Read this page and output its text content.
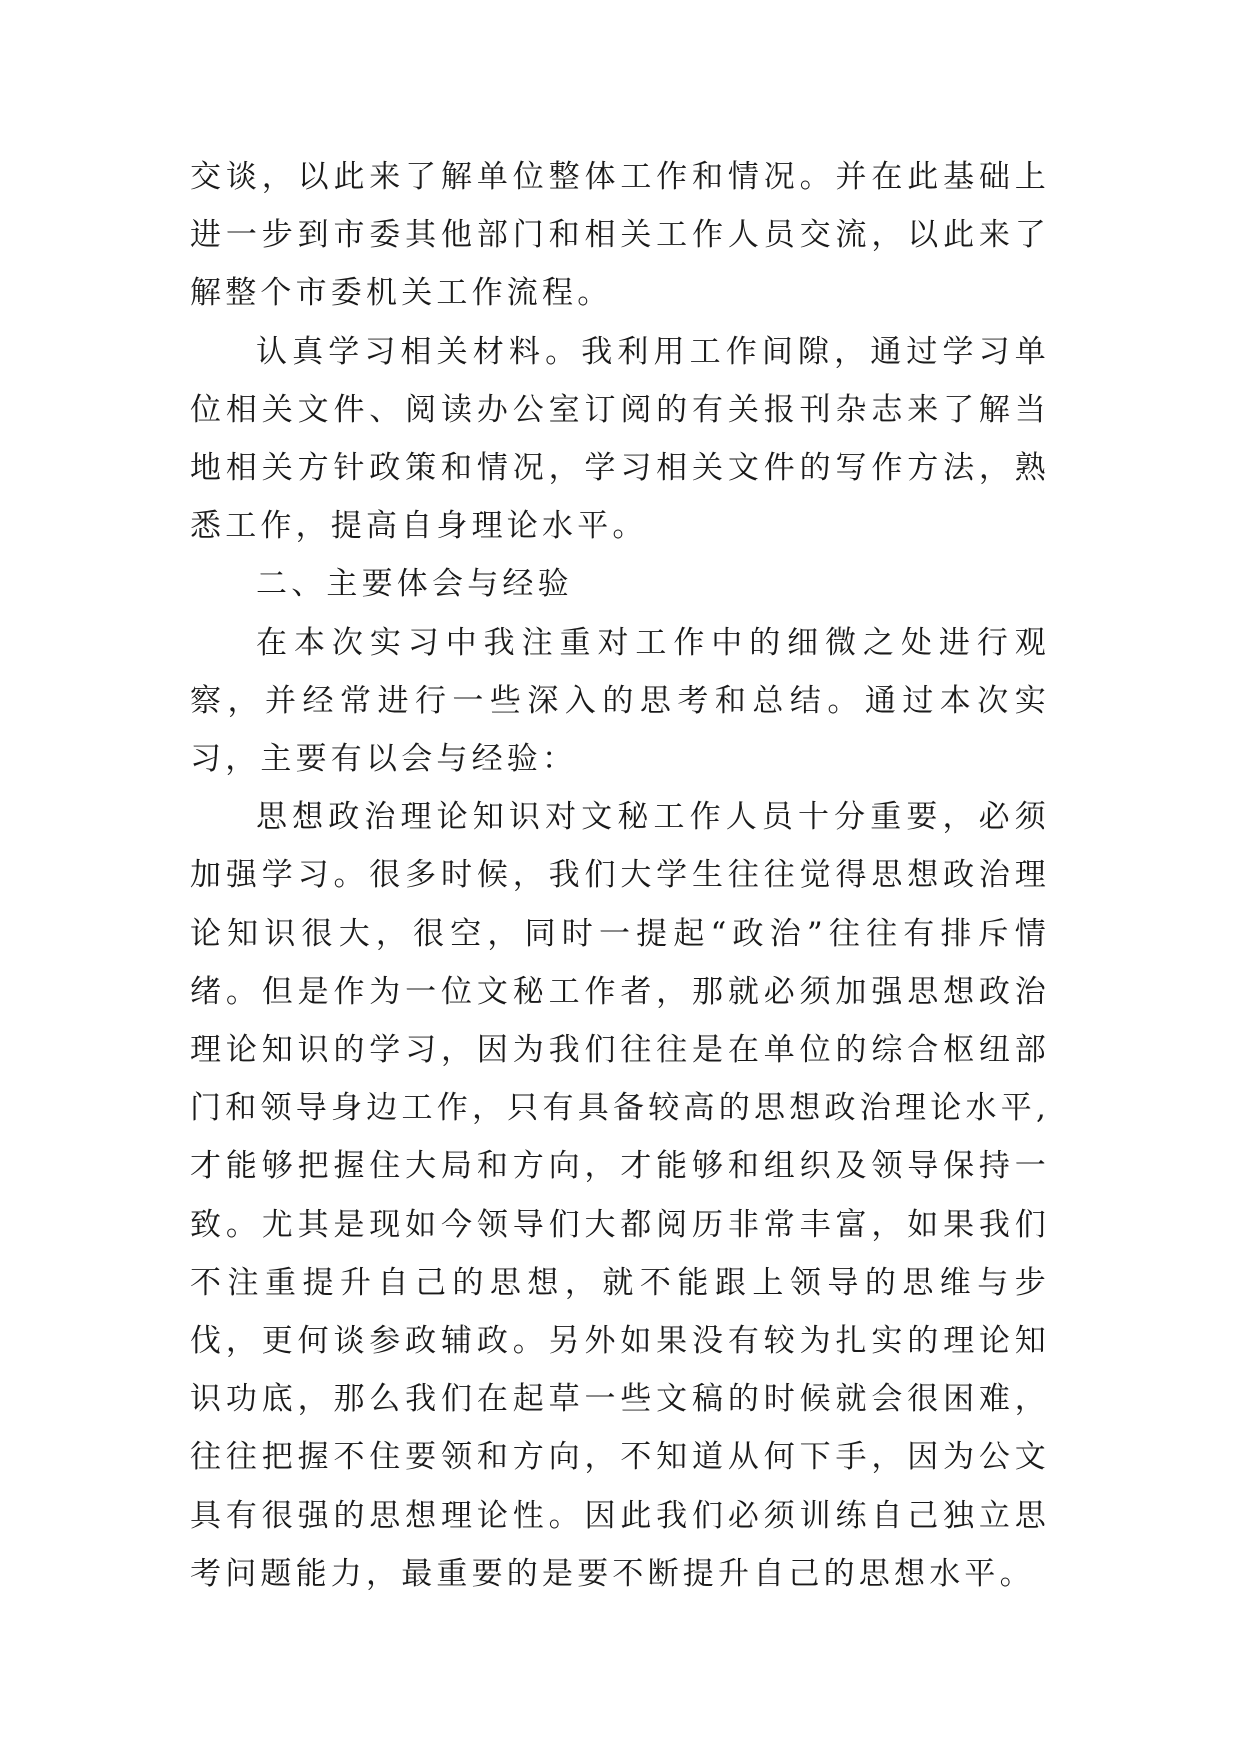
交谈，以此来了解单位整体工作和情况。并在此基础上进一步到市委其他部门和相关工作人员交流，以此来了解整个市委机关工作流程。

认真学习相关材料。我利用工作间隙，通过学习单位相关文件、阅读办公室订阅的有关报刊杂志来了解当地相关方针政策和情况，学习相关文件的写作方法，熟悉工作，提高自身理论水平。

二、主要体会与经验

在本次实习中我注重对工作中的细微之处进行观察，并经常进行一些深入的思考和总结。通过本次实习，主要有以会与经验：

思想政治理论知识对文秘工作人员十分重要，必须加强学习。很多时候，我们大学生往往觉得思想政治理论知识很大，很空，同时一提起“政治”往往有排斥情绪。但是作为一位文秘工作者，那就必须加强思想政治理论知识的学习，因为我们往往是在单位的综合枢纽部门和领导身边工作，只有具备较高的思想政治理论水平,才能够把握住大局和方向，才能够和组织及领导保持一致。尤其是现如今领导们大都阅历非常丰富，如果我们不注重提升自己的思想，就不能跟上领导的思维与步伐，更何谈参政辅政。另外如果没有较为扎实的理论知识功底，那么我们在起草一些文稿的时候就会很困难，往往把握不住要领和方向，不知道从何下手，因为公文具有很强的思想理论性。因此我们必须训练自己独立思考问题能力，最重要的是要不断提升自己的思想水平。
